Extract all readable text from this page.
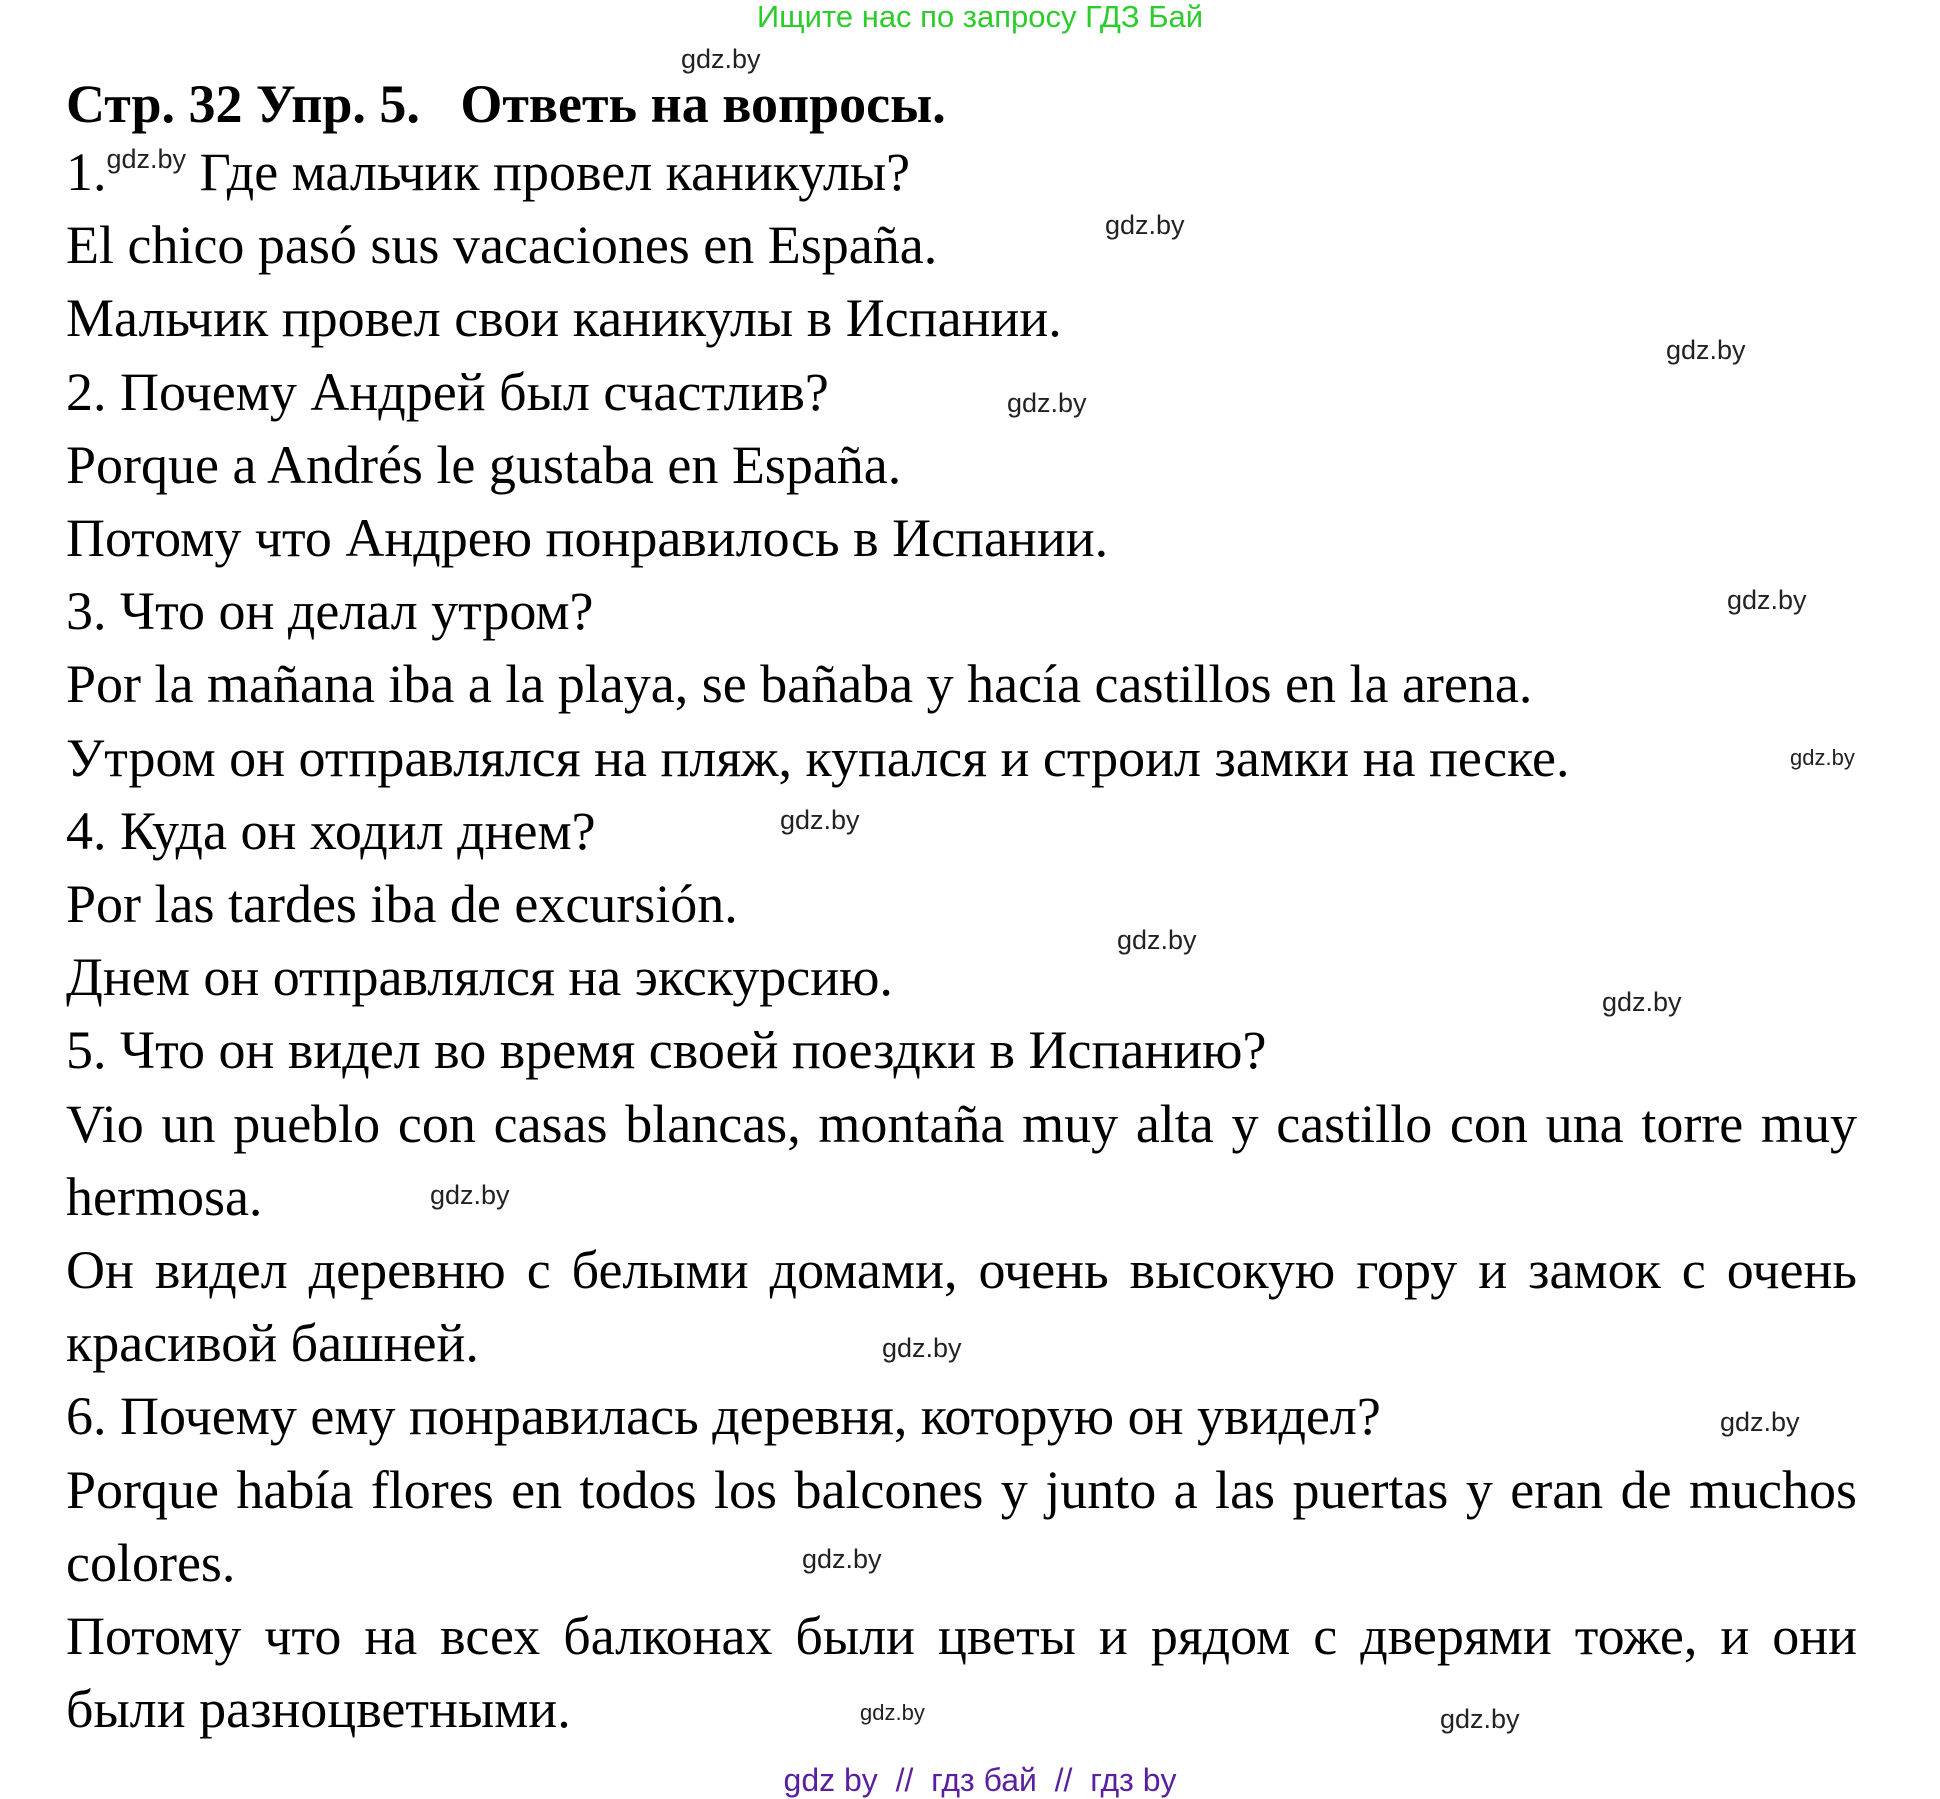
Ищите нас по запросу ГДЗ Бай
Стр. 32 Упр. 5.   Ответь на вопросы.
1.$^{gdz.by}$ Где мальчик провел каникулы?
El chico pasó sus vacaciones en España.
Мальчик провел свои каникулы в Испании.
2. Почему Андрей был счастлив?
Porque a Andrés le gustaba en España.
Потому что Андрею понравилось в Испании.
3. Что он делал утром?
Por la mañana iba a la playa, se bañaba y hacía castillos en la arena.
Утром он отправлялся на пляж, купался и строил замки на песке.
4. Куда он ходил днем?
Por las tardes iba de excursión.
Днем он отправлялся на экскурсию.
5. Что он видел во время своей поездки в Испанию?
Vio un pueblo con casas blancas, montaña muy alta y castillo con una torre muy hermosa.
Он видел деревню с белыми домами, очень высокую гору и замок с очень красивой башней.
6. Почему ему понравилась деревня, которую он увидел?
Porque había flores en todos los balcones y junto a las puertas y eran de muchos colores.
Потому что на всех балконах были цветы и рядом с дверями тоже, и они были разноцветными.
gdz.by
gdz.by
gdz.by
gdz.by
gdz.by
gdz.by
gdz.by
gdz.by
gdz.by
gdz.by
gdz.by
gdz.by
gdz.by
gdz.by	gdz.by
gdz by  //  гдз бай  //  гдз by
